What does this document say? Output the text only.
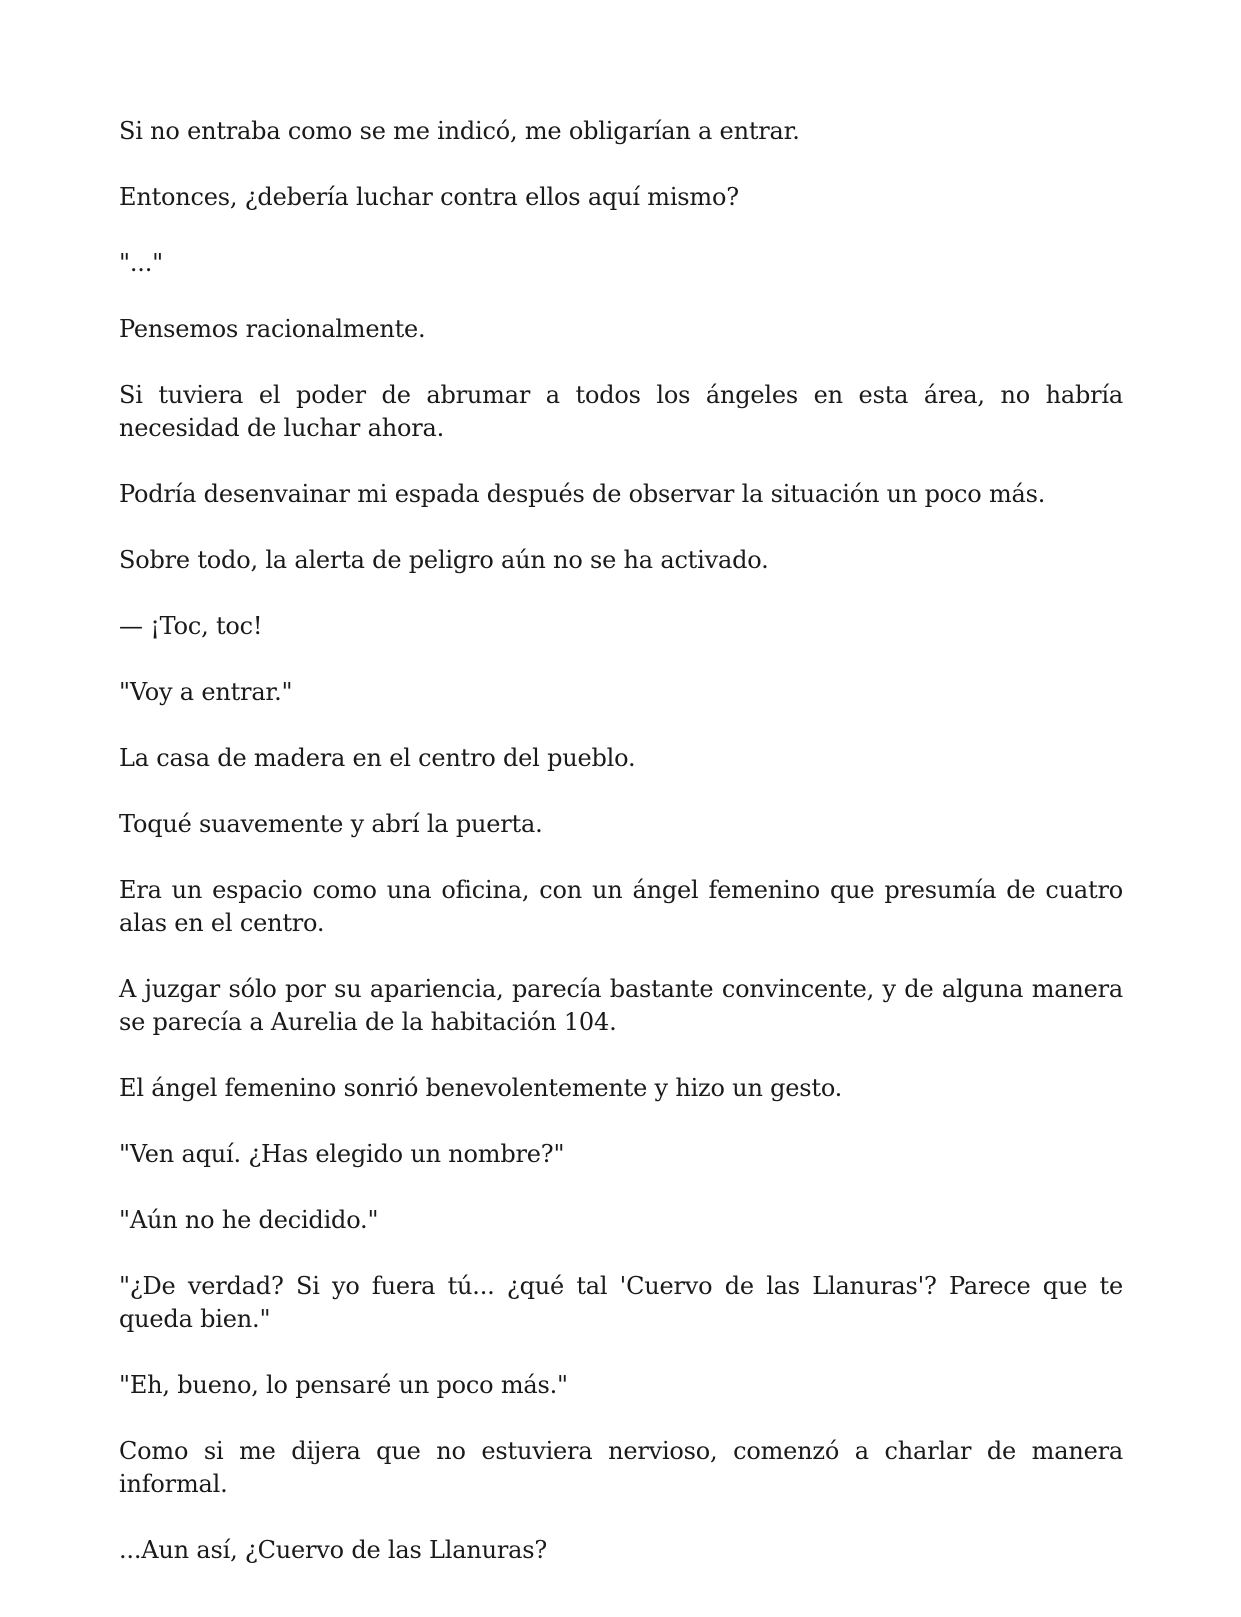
Si no entraba como se me indicó, me obligarían a entrar.

Entonces, ¿debería luchar contra ellos aquí mismo?

"..."

Pensemos racionalmente.

Si tuviera el poder de abrumar a todos los ángeles en esta área, no habría necesidad de luchar ahora.

Podría desenvainar mi espada después de observar la situación un poco más.

Sobre todo, la alerta de peligro aún no se ha activado.

— ¡Toc, toc!

"Voy a entrar."

La casa de madera en el centro del pueblo.

Toqué suavemente y abrí la puerta.

Era un espacio como una oficina, con un ángel femenino que presumía de cuatro alas en el centro.

A juzgar sólo por su apariencia, parecía bastante convincente, y de alguna manera se parecía a Aurelia de la habitación 104.

El ángel femenino sonrió benevolentemente y hizo un gesto.

"Ven aquí. ¿Has elegido un nombre?"

"Aún no he decidido."

"¿De verdad? Si yo fuera tú... ¿qué tal 'Cuervo de las Llanuras'? Parece que te queda bien."

"Eh, bueno, lo pensaré un poco más."

Como si me dijera que no estuviera nervioso, comenzó a charlar de manera informal.

...Aun así, ¿Cuervo de las Llanuras?
